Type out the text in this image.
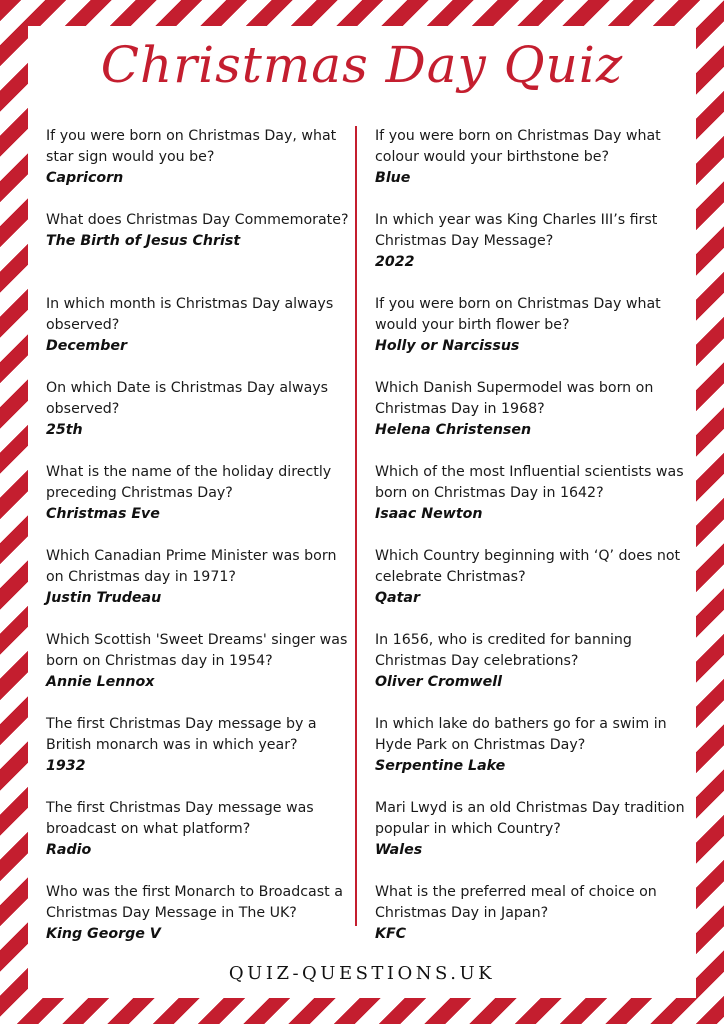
Christmas Day Quiz
If you were born on Christmas Day, what star sign would you be?
Capricorn
What does Christmas Day Commemorate?
The Birth of Jesus Christ
In which month is Christmas Day always observed?
December
On which Date is Christmas Day always observed?
25th
What is the name of the holiday directly preceding Christmas Day?
Christmas Eve
Which Canadian Prime Minister was born on Christmas day in 1971?
Justin Trudeau
Which Scottish 'Sweet Dreams' singer was born on Christmas day in 1954?
Annie Lennox
The first Christmas Day message by a British monarch was in which year?
1932
The first Christmas Day message was broadcast on what platform?
Radio
Who was the first Monarch to Broadcast a Christmas Day Message in The UK?
King George V
If you were born on Christmas Day what colour would your birthstone be?
Blue
In which year was King Charles III’s first Christmas Day Message?
2022
If you were born on Christmas Day what would your birth flower be?
Holly or Narcissus
Which Danish Supermodel was born on Christmas Day in 1968?
Helena Christensen
Which of the most Influential scientists was born on Christmas Day in 1642?
Isaac Newton
Which Country beginning with ‘Q’ does not celebrate Christmas?
Qatar
In 1656, who is credited for banning Christmas Day celebrations?
Oliver Cromwell
In which lake do bathers go for a swim in Hyde Park on Christmas Day?
Serpentine Lake
Mari Lwyd is an old Christmas Day tradition popular in which Country?
Wales
What is the preferred meal of choice on Christmas Day in Japan?
KFC
QUIZ-QUESTIONS.UK
